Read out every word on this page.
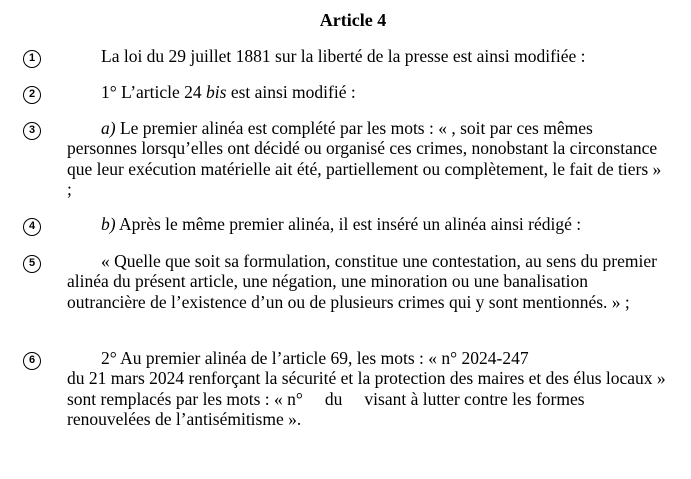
Article 4
1	La loi du 29 juillet 1881 sur la liberté de la presse est ainsi modifiée :
2	1° L’article 24 bis est ainsi modifié :
3	a) Le premier alinéa est complété par les mots : « , soit par ces mêmes personnes lorsqu’elles ont décidé ou organisé ces crimes, nonobstant la circonstance que leur exécution matérielle ait été, partiellement ou complètement, le fait de tiers » ;
4	b) Après le même premier alinéa, il est inséré un alinéa ainsi rédigé :
5	« Quelle que soit sa formulation, constitue une contestation, au sens du premier alinéa du présent article, une négation, une minoration ou une banalisation outrancière de l’existence d’un ou de plusieurs crimes qui y sont mentionnés. » ;
6	2° Au premier alinéa de l’article 69, les mots : « n° 2024-247
du 21 mars 2024 renforçant la sécurité et la protection des maires et des élus locaux » sont remplacés par les mots : « n° du visant à lutter contre les formes renouvelées de l’antisémitisme ».
